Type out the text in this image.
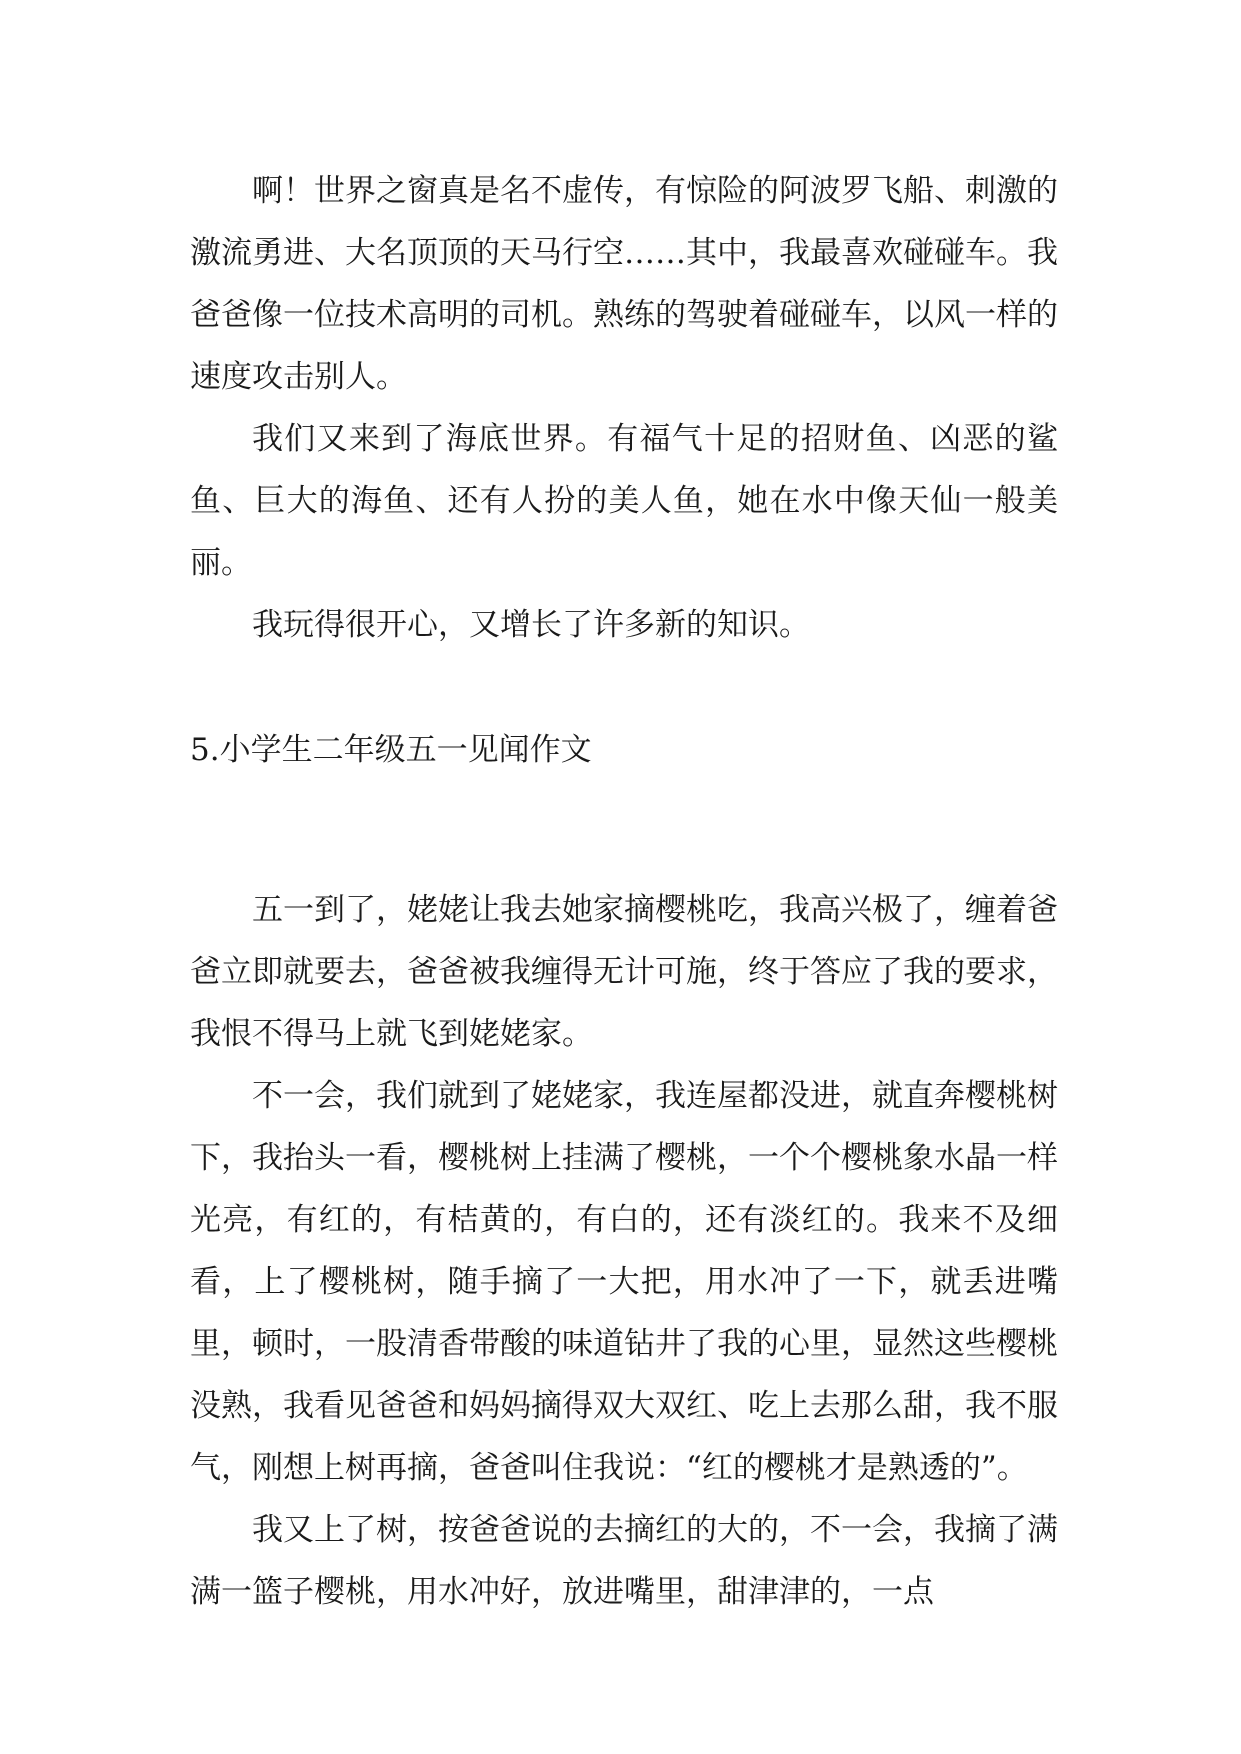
啊！世界之窗真是名不虚传，有惊险的阿波罗飞船、刺激的激流勇进、大名顶顶的天马行空……其中，我最喜欢碰碰车。我爸爸像一位技术高明的司机。熟练的驾驶着碰碰车，以风一样的速度攻击别人。

我们又来到了海底世界。有福气十足的招财鱼、凶恶的鲨鱼、巨大的海鱼、还有人扮的美人鱼，她在水中像天仙一般美丽。

我玩得很开心，又增长了许多新的知识。

5.小学生二年级五一见闻作文

五一到了，姥姥让我去她家摘樱桃吃，我高兴极了，缠着爸爸立即就要去，爸爸被我缠得无计可施，终于答应了我的要求，我恨不得马上就飞到姥姥家。

不一会，我们就到了姥姥家，我连屋都没进，就直奔樱桃树下，我抬头一看，樱桃树上挂满了樱桃，一个个樱桃象水晶一样光亮，有红的，有桔黄的，有白的，还有淡红的。我来不及细看，上了樱桃树，随手摘了一大把，用水冲了一下，就丢进嘴里，顿时，一股清香带酸的味道钻井了我的心里，显然这些樱桃没熟，我看见爸爸和妈妈摘得双大双红、吃上去那么甜，我不服气，刚想上树再摘，爸爸叫住我说：“红的樱桃才是熟透的”。

我又上了树，按爸爸说的去摘红的大的，不一会，我摘了满满一篮子樱桃，用水冲好，放进嘴里，甜津津的，一点
